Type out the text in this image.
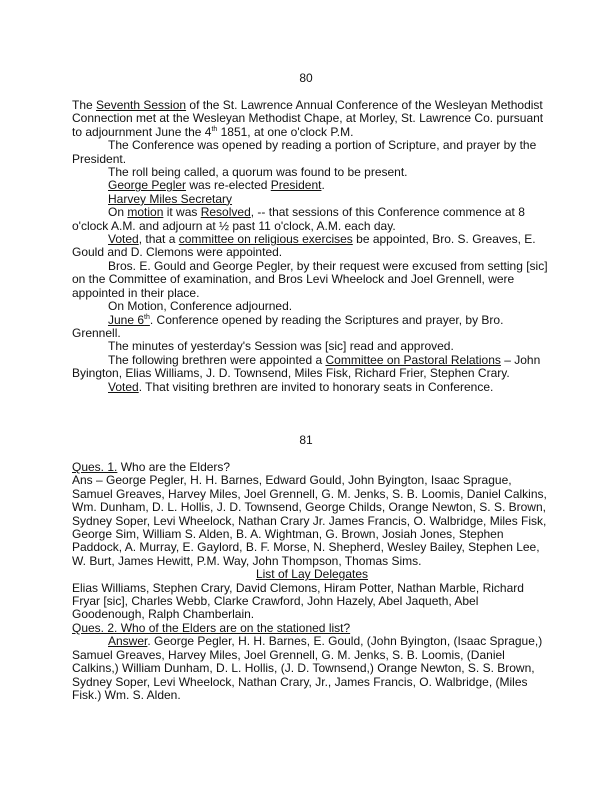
80

The Seventh Session of the St. Lawrence Annual Conference of the Wesleyan Methodist Connection met at the Wesleyan Methodist Chape, at Morley, St. Lawrence Co. pursuant to adjournment June the 4th 1851, at one o'clock P.M.

The Conference was opened by reading a portion of Scripture, and prayer by the President.

The roll being called, a quorum was found to be present.

George Pegler was re-elected President.

Harvey Miles Secretary

On motion it was Resolved, -- that sessions of this Conference commence at 8 o'clock A.M. and adjourn at ½ past 11 o'clock, A.M. each day.

Voted, that a committee on religious exercises be appointed, Bro. S. Greaves, E. Gould and D. Clemons were appointed.

Bros. E. Gould and George Pegler, by their request were excused from setting [sic] on the Committee of examination, and Bros Levi Wheelock and Joel Grennell, were appointed in their place.

On Motion, Conference adjourned.

June 6th. Conference opened by reading the Scriptures and prayer, by Bro. Grennell.

The minutes of yesterday's Session was [sic] read and approved.

The following brethren were appointed a Committee on Pastoral Relations – John Byington, Elias Williams, J. D. Townsend, Miles Fisk, Richard Frier, Stephen Crary.

Voted. That visiting brethren are invited to honorary seats in Conference.

81

Ques. 1. Who are the Elders?

Ans – George Pegler, H. H. Barnes, Edward Gould, John Byington, Isaac Sprague, Samuel Greaves, Harvey Miles, Joel Grennell, G. M. Jenks, S. B. Loomis, Daniel Calkins, Wm. Dunham, D. L. Hollis, J. D. Townsend, George Childs, Orange Newton, S. S. Brown, Sydney Soper, Levi Wheelock, Nathan Crary Jr. James Francis, O. Walbridge, Miles Fisk, George Sim, William S. Alden, B. A. Wightman, G. Brown, Josiah Jones, Stephen Paddock, A. Murray, E. Gaylord, B. F. Morse, N. Shepherd, Wesley Bailey, Stephen Lee, W. Burt, James Hewitt, P.M. Way, John Thompson, Thomas Sims.

List of Lay Delegates

Elias Williams, Stephen Crary, David Clemons, Hiram Potter, Nathan Marble, Richard Fryar [sic], Charles Webb, Clarke Crawford, John Hazely, Abel Jaqueth, Abel Goodenough, Ralph Chamberlain.

Ques. 2. Who of the Elders are on the stationed list?

Answer. George Pegler, H. H. Barnes, E. Gould, (John Byington, (Isaac Sprague,) Samuel Greaves, Harvey Miles, Joel Grennell, G. M. Jenks, S. B. Loomis, (Daniel Calkins,) William Dunham, D. L. Hollis, (J. D. Townsend,) Orange Newton, S. S. Brown, Sydney Soper, Levi Wheelock, Nathan Crary, Jr., James Francis, O. Walbridge, (Miles Fisk.) Wm. S. Alden.
